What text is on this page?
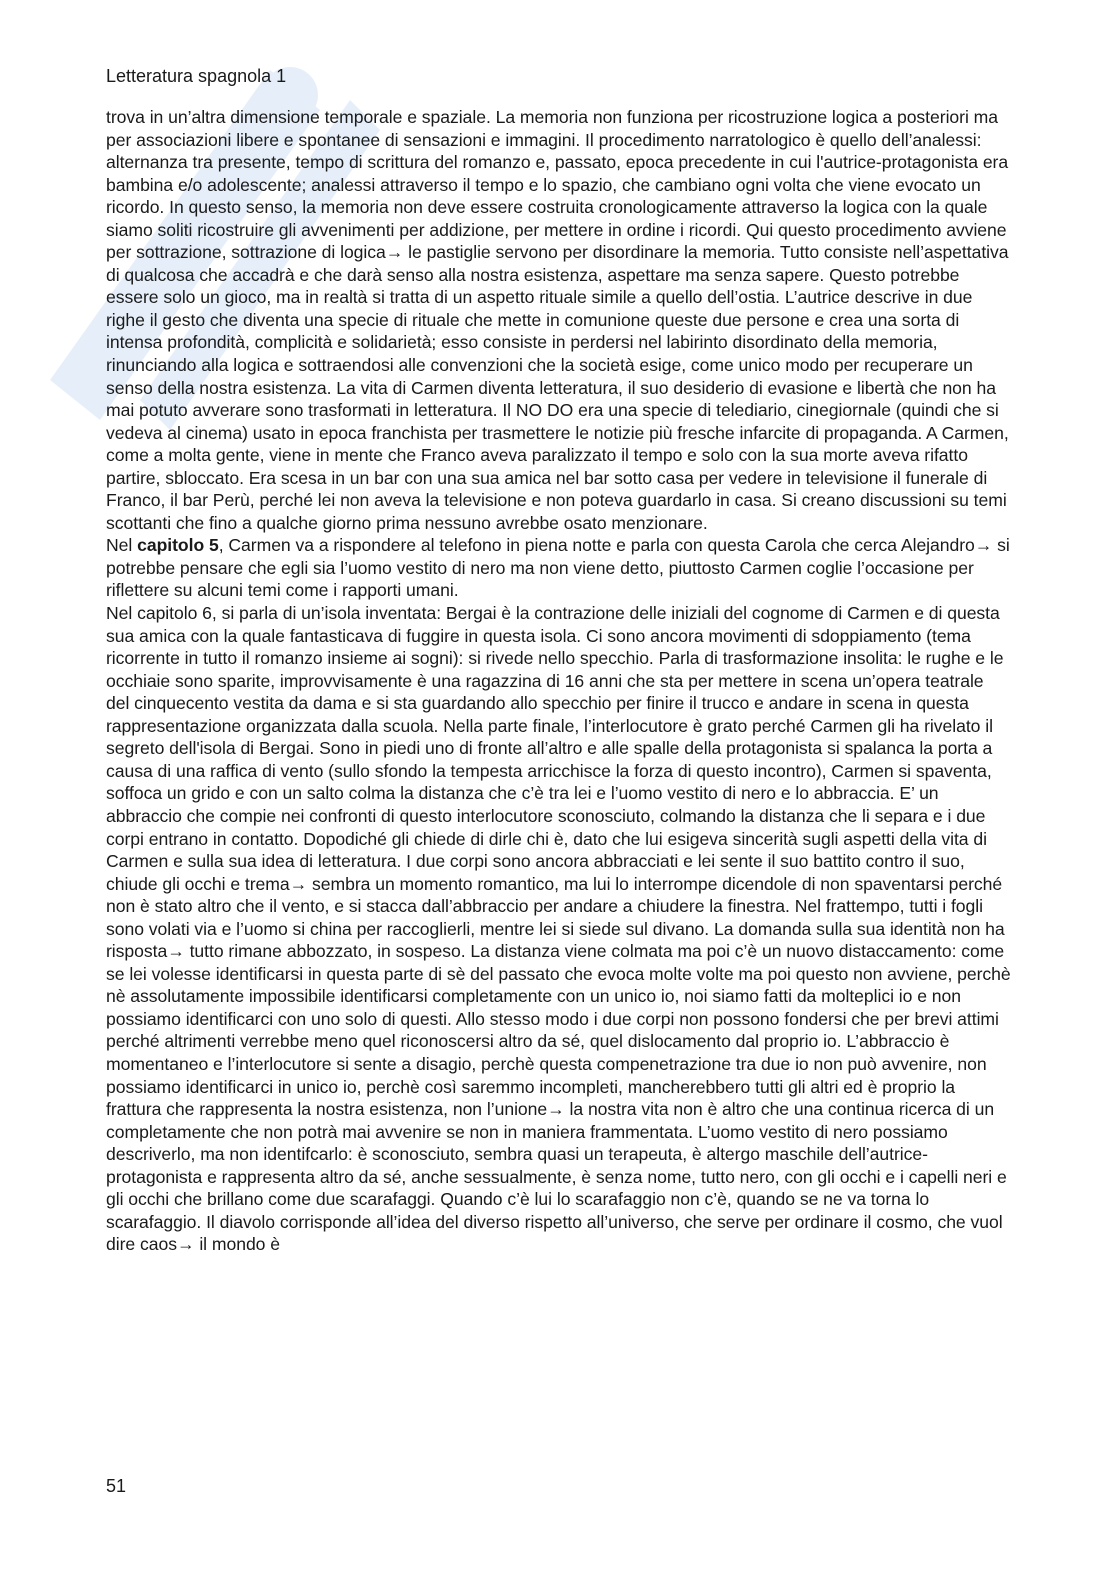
Letteratura spagnola 1

trova in un’altra dimensione temporale e spaziale. La memoria non funziona per ricostruzione logica a posteriori ma per associazioni libere e spontanee di sensazioni e immagini. Il procedimento narratologico è quello dell’analessi: alternanza tra presente, tempo di scrittura del romanzo e, passato, epoca precedente in cui l'autrice-protagonista era bambina e/o adolescente; analessi attraverso il tempo e lo spazio, che cambiano ogni volta che viene evocato un ricordo. In questo senso, la memoria non deve essere costruita cronologicamente attraverso la logica con la quale siamo soliti ricostruire gli avvenimenti per addizione, per mettere in ordine i ricordi. Qui questo procedimento avviene per sottrazione, sottrazione di logica→ le pastiglie servono per disordinare la memoria. Tutto consiste nell’aspettativa di qualcosa che accadrà e che darà senso alla nostra esistenza, aspettare ma senza sapere. Questo potrebbe essere solo un gioco, ma in realtà si tratta di un aspetto rituale simile a quello dell’ostia. L’autrice descrive in due righe il gesto che diventa una specie di rituale che mette in comunione queste due persone e crea una sorta di intensa profondità, complicità e solidarietà; esso consiste in perdersi nel labirinto disordinato della memoria, rinunciando alla logica e sottraendosi alle convenzioni che la società esige, come unico modo per recuperare un senso della nostra esistenza. La vita di Carmen diventa letteratura, il suo desiderio di evasione e libertà che non ha mai potuto avverare sono trasformati in letteratura. Il NO DO era una specie di telediario, cinegiornale (quindi che si vedeva al cinema) usato in epoca franchista per trasmettere le notizie più fresche infarcite di propaganda. A Carmen, come a molta gente, viene in mente che Franco aveva paralizzato il tempo e solo con la sua morte aveva rifatto partire, sbloccato. Era scesa in un bar con una sua amica nel bar sotto casa per vedere in televisione il funerale di Franco, il bar Perù, perché lei non aveva la televisione e non poteva guardarlo in casa. Si creano discussioni su temi scottanti che fino a qualche giorno prima nessuno avrebbe osato menzionare.

Nel capitolo 5, Carmen va a rispondere al telefono in piena notte e parla con questa Carola che cerca Alejandro→ si potrebbe pensare che egli sia l’uomo vestito di nero ma non viene detto, piuttosto Carmen coglie l’occasione per riflettere su alcuni temi come i rapporti umani.

Nel capitolo 6, si parla di un’isola inventata: Bergai è la contrazione delle iniziali del cognome di Carmen e di questa sua amica con la quale fantasticava di fuggire in questa isola. Ci sono ancora movimenti di sdoppiamento (tema ricorrente in tutto il romanzo insieme ai sogni): si rivede nello specchio. Parla di trasformazione insolita: le rughe e le occhiaie sono sparite, improvvisamente è una ragazzina di 16 anni che sta per mettere in scena un’opera teatrale del cinquecento vestita da dama e si sta guardando allo specchio per finire il trucco e andare in scena in questa rappresentazione organizzata dalla scuola. Nella parte finale, l’interlocutore è grato perché Carmen gli ha rivelato il segreto dell'isola di Bergai. Sono in piedi uno di fronte all’altro e alle spalle della protagonista si spalanca la porta a causa di una raffica di vento (sullo sfondo la tempesta arricchisce la forza di questo incontro), Carmen si spaventa, soffoca un grido e con un salto colma la distanza che c’è tra lei e l’uomo vestito di nero e lo abbraccia. E’ un abbraccio che compie nei confronti di questo interlocutore sconosciuto, colmando la distanza che li separa e i due corpi entrano in contatto. Dopodiché gli chiede di dirle chi è, dato che lui esigeva sincerità sugli aspetti della vita di Carmen e sulla sua idea di letteratura. I due corpi sono ancora abbracciati e lei sente il suo battito contro il suo, chiude gli occhi e trema→ sembra un momento romantico, ma lui lo interrompe dicendole di non spaventarsi perché non è stato altro che il vento, e si stacca dall’abbraccio per andare a chiudere la finestra. Nel frattempo, tutti i fogli sono volati via e l’uomo si china per raccoglierli, mentre lei si siede sul divano. La domanda sulla sua identità non ha risposta→ tutto rimane abbozzato, in sospeso. La distanza viene colmata ma poi c’è un nuovo distaccamento: come se lei volesse identificarsi in questa parte di sè del passato che evoca molte volte ma poi questo non avviene, perchè nè assolutamente impossibile identificarsi completamente con un unico io, noi siamo fatti da molteplici io e non possiamo identificarci con uno solo di questi. Allo stesso modo i due corpi non possono fondersi che per brevi attimi perché altrimenti verrebbe meno quel riconoscersi altro da sé, quel dislocamento dal proprio io. L’abbraccio è momentaneo e l’interlocutore si sente a disagio, perchè questa compenetrazione tra due io non può avvenire, non possiamo identificarci in unico io, perchè così saremmo incompleti, mancherebbero tutti gli altri ed è proprio la frattura che rappresenta la nostra esistenza, non l’unione→ la nostra vita non è altro che una continua ricerca di un completamente che non potrà mai avvenire se non in maniera frammentata. L’uomo vestito di nero possiamo descriverlo, ma non identifcarlo: è sconosciuto, sembra quasi un terapeuta, è altergo maschile dell’autrice-protagonista e rappresenta altro da sé, anche sessualmente, è senza nome, tutto nero, con gli occhi e i capelli neri e gli occhi che brillano come due scarafaggi. Quando c’è lui lo scarafaggio non c’è, quando se ne va torna lo scarafaggio. Il diavolo corrisponde all’idea del diverso rispetto all’universo, che serve per ordinare il cosmo, che vuol dire caos→ il mondo è

51
